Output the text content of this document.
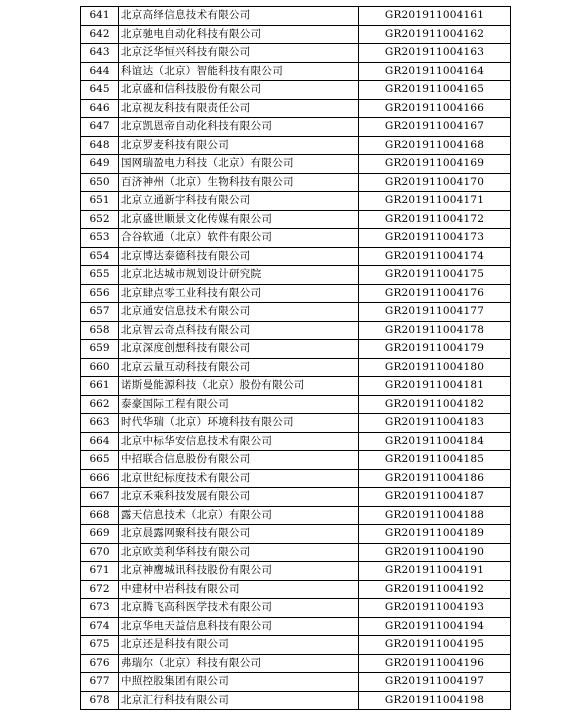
641	北京高绎信息技术有限公司	GR201911004161
642	北京驰电自动化科技有限公司	GR201911004162
643	北京泛华恒兴科技有限公司	GR201911004163
644	科谊达（北京）智能科技有限公司	GR201911004164
645	北京盛和信科技股份有限公司	GR201911004165
646	北京视友科技有限责任公司	GR201911004166
647	北京凯恩帝自动化科技有限公司	GR201911004167
648	北京罗麦科技有限公司	GR201911004168
649	国网瑞盈电力科技（北京）有限公司	GR201911004169
650	百济神州（北京）生物科技有限公司	GR201911004170
651	北京立通新宇科技有限公司	GR201911004171
652	北京盛世顺景文化传媒有限公司	GR201911004172
653	合谷软通（北京）软件有限公司	GR201911004173
654	北京博达泰德科技有限公司	GR201911004174
655	北京北达城市规划设计研究院	GR201911004175
656	北京肆点零工业科技有限公司	GR201911004176
657	北京通安信息技术有限公司	GR201911004177
658	北京智云奇点科技有限公司	GR201911004178
659	北京深度创想科技有限公司	GR201911004179
660	北京云量互动科技有限公司	GR201911004180
661	诺斯曼能源科技（北京）股份有限公司	GR201911004181
662	泰豪国际工程有限公司	GR201911004182
663	时代华瑞（北京）环境科技有限公司	GR201911004183
664	北京中标华安信息技术有限公司	GR201911004184
665	中招联合信息股份有限公司	GR201911004185
666	北京世纪标度技术有限公司	GR201911004186
667	北京禾乘科技发展有限公司	GR201911004187
668	露天信息技术（北京）有限公司	GR201911004188
669	北京晨露网聚科技有限公司	GR201911004189
670	北京欧美利华科技有限公司	GR201911004190
671	北京神鹰城讯科技股份有限公司	GR201911004191
672	中建材中岩科技有限公司	GR201911004192
673	北京腾飞高科医学技术有限公司	GR201911004193
674	北京华电天益信息科技有限公司	GR201911004194
675	北京还是科技有限公司	GR201911004195
676	弗瑞尔（北京）科技有限公司	GR201911004196
677	中照控股集团有限公司	GR201911004197
678	北京汇行科技有限公司	GR201911004198
